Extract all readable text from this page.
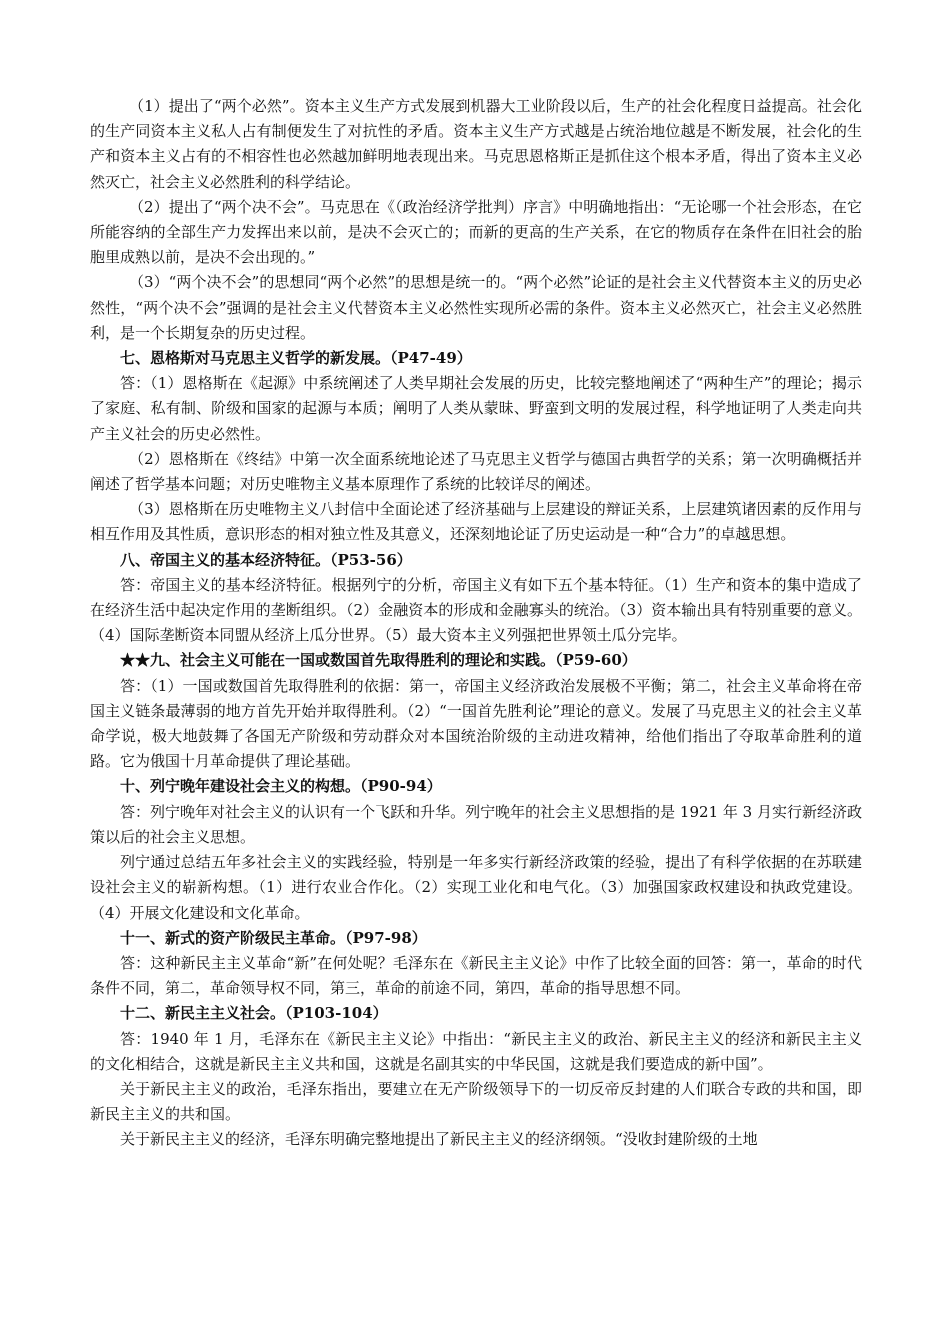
（1）提出了“两个必然”。资本主义生产方式发展到机器大工业阶段以后，生产的社会化程度日益提高。社会化的生产同资本主义私人占有制便发生了对抗性的矛盾。资本主义生产方式越是占统治地位越是不断发展，社会化的生产和资本主义占有的不相容性也必然越加鲜明地表现出来。马克思恩格斯正是抓住这个根本矛盾，得出了资本主义必然灭亡，社会主义必然胜利的科学结论。

（2）提出了“两个决不会”。马克思在《（政治经济学批判）序言》中明确地指出：“无论哪一个社会形态，在它所能容纳的全部生产力发挥出来以前，是决不会灭亡的；而新的更高的生产关系，在它的物质存在条件在旧社会的胎胞里成熟以前，是决不会出现的。”

（3）“两个决不会”的思想同“两个必然”的思想是统一的。“两个必然”论证的是社会主义代替资本主义的历史必然性，“两个决不会”强调的是社会主义代替资本主义必然性实现所必需的条件。资本主义必然灭亡，社会主义必然胜利，是一个长期复杂的历史过程。

七、恩格斯对马克思主义哲学的新发展。（P47-49）

答：（1）恩格斯在《起源》中系统阐述了人类早期社会发展的历史，比较完整地阐述了“两种生产”的理论；揭示了家庭、私有制、阶级和国家的起源与本质；阐明了人类从蒙昧、野蛮到文明的发展过程，科学地证明了人类走向共产主义社会的历史必然性。

（2）恩格斯在《终结》中第一次全面系统地论述了马克思主义哲学与德国古典哲学的关系；第一次明确概括并阐述了哲学基本问题；对历史唯物主义基本原理作了系统的比较详尽的阐述。

（3）恩格斯在历史唯物主义八封信中全面论述了经济基础与上层建设的辩证关系，上层建筑诸因素的反作用与相互作用及其性质，意识形态的相对独立性及其意义，还深刻地论证了历史运动是一种“合力”的卓越思想。

八、帝国主义的基本经济特征。（P53-56）

答：帝国主义的基本经济特征。根据列宁的分析，帝国主义有如下五个基本特征。（1）生产和资本的集中造成了在经济生活中起决定作用的垄断组织。（2）金融资本的形成和金融寡头的统治。（3）资本输出具有特别重要的意义。（4）国际垄断资本同盟从经济上瓜分世界。（5）最大资本主义列强把世界领土瓜分完毕。

★★九、社会主义可能在一国或数国首先取得胜利的理论和实践。（P59-60）

答：（1）一国或数国首先取得胜利的依据：第一，帝国主义经济政治发展极不平衡；第二，社会主义革命将在帝国主义链条最薄弱的地方首先开始并取得胜利。（2）“一国首先胜利论”理论的意义。发展了马克思主义的社会主义革命学说，极大地鼓舞了各国无产阶级和劳动群众对本国统治阶级的主动进攻精神，给他们指出了夺取革命胜利的道路。它为俄国十月革命提供了理论基础。

十、列宁晚年建设社会主义的构想。（P90-94）

答：列宁晚年对社会主义的认识有一个飞跃和升华。列宁晚年的社会主义思想指的是 1921 年 3 月实行新经济政策以后的社会主义思想。

列宁通过总结五年多社会主义的实践经验，特别是一年多实行新经济政策的经验，提出了有科学依据的在苏联建设社会主义的崭新构想。（1）进行农业合作化。（2）实现工业化和电气化。（3）加强国家政权建设和执政党建设。（4）开展文化建设和文化革命。

十一、新式的资产阶级民主革命。（P97-98）

答：这种新民主主义革命“新”在何处呢？毛泽东在《新民主主义论》中作了比较全面的回答：第一，革命的时代条件不同，第二，革命领导权不同，第三，革命的前途不同，第四，革命的指导思想不同。

十二、新民主主义社会。（P103-104）

答：1940 年 1 月，毛泽东在《新民主主义论》中指出：“新民主主义的政治、新民主主义的经济和新民主主义的文化相结合，这就是新民主主义共和国，这就是名副其实的中华民国，这就是我们要造成的新中国”。

关于新民主主义的政治，毛泽东指出，要建立在无产阶级领导下的一切反帝反封建的人们联合专政的共和国，即新民主主义的共和国。

关于新民主主义的经济，毛泽东明确完整地提出了新民主主义的经济纲领。“没收封建阶级的土地
